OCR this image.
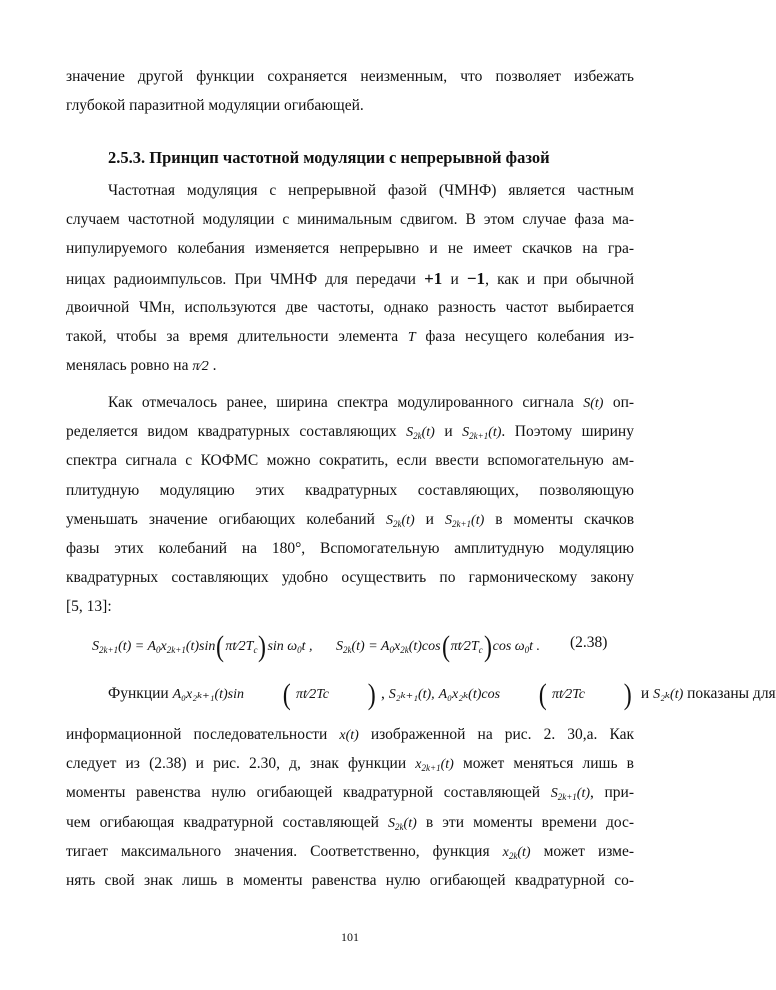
значение другой функции сохраняется неизменным, что позволяет избежать
глубокой паразитной модуляции огибающей.
2.5.3. Принцип частотной модуляции с непрерывной фазой
Частотная модуляция с непрерывной фазой (ЧМНФ) является частным
случаем частотной модуляции с минимальным сдвигом. В этом случае фаза ма-
нипулируемого колебания изменяется непрерывно и не имеет скачков на гра-
ницах радиоимпульсов. При ЧМНФ для передачи +1 и −1, как и при обычной
двоичной ЧМн, используются две частоты, однако разность частот выбирается
такой, чтобы за время длительности элемента T фаза несущего колебания из-
менялась ровно на π⁄2 .
Как отмечалось ранее, ширина спектра модулированного сигнала S(t) оп-
ределяется видом квадратурных составляющих $S_{2k}(t)$ и $S_{2k+1}(t)$. Поэтому ширину
спектра сигнала с КОФМС можно сократить, если ввести вспомогательную ам-
плитудную модуляцию этих квадратурных составляющих, позволяющую
уменьшать значение огибающих колебаний $S_{2k}(t)$ и $S_{2k+1}(t)$ в моменты скачков
фазы этих колебаний на 180°, Вспомогательную амплитудную модуляцию
квадратурных составляющих удобно осуществить по гармоническому закону
[5, 13]:
$S_{2k+1}(t)$ = $A_0x_{2k+1}(t)\sin(\pi t⁄2T_c)\sin$ $\omega_0t$ , $S_{2k}(t)$ = $A_0x_{2k}(t)\cos(\pi t⁄2T_c)\cos$ $\omega_0t$ . (2.38)
Функции A₀x₂ₖ₊₁(t)sin ( πt⁄2Tc ) , S₂ₖ₊₁(t), A₀x₂ₖ(t)cos ( πt⁄2Tc ) и S₂ₖ(t) показаны для
информационной последовательности x(t) изображенной на рис. 2. 30,а. Как
следует из (2.38) и рис. 2.30, д, знак функции $x_{2k+1}(t)$ может меняться лишь в
моменты равенства нулю огибающей квадратурной составляющей $S_{2k+1}(t)$, при-
чем огибающая квадратурной составляющей $S_{2k}(t)$ в эти моменты времени дос-
тигает максимального значения. Соответственно, функция $x_{2k}(t)$ может изме-
нять свой знак лишь в моменты равенства нулю огибающей квадратурной со-
101
